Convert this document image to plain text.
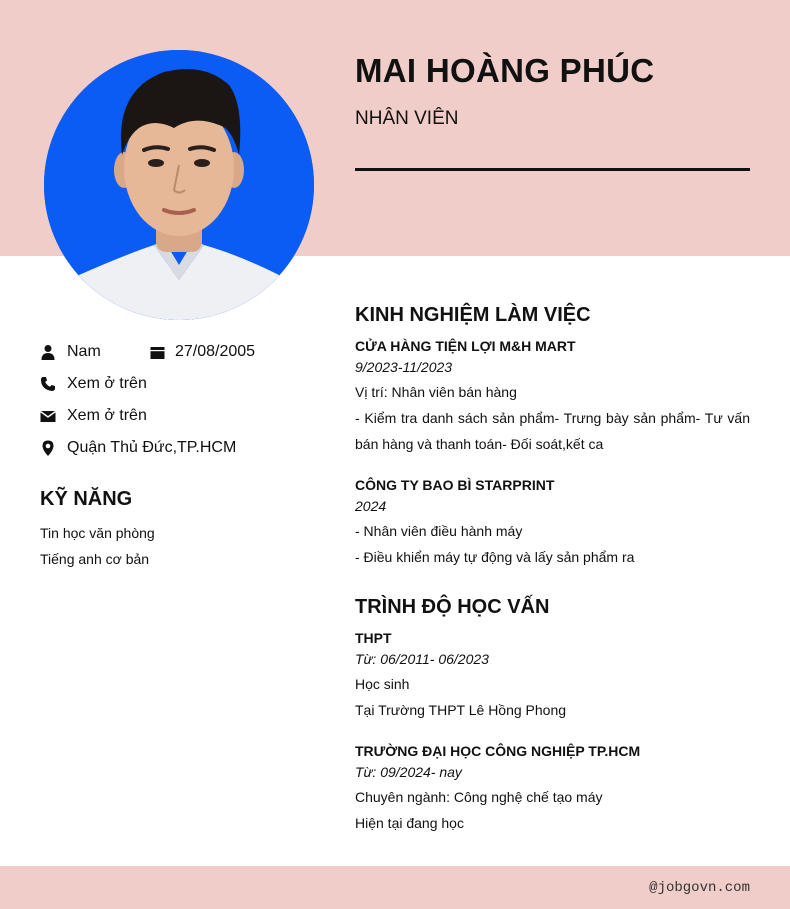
MAI HOÀNG PHÚC
NHÂN VIÊN
Nam	27/08/2005
Xem ở trên
Xem ở trên
Quận Thủ Đức,TP.HCM
KỸ NĂNG
Tin học văn phòng
Tiếng anh cơ bản
KINH NGHIỆM LÀM VIỆC
CỬA HÀNG TIỆN LỢI M&H MART
9/2023-11/2023
Vị trí: Nhân viên bán hàng
- Kiểm tra danh sách sản phẩm- Trưng bày sản phẩm- Tư vấn bán hàng và thanh toán- Đối soát,kết ca
CÔNG TY BAO BÌ STARPRINT
2024
- Nhân viên điều hành máy
- Điều khiển máy tự động và lấy sản phẩm ra
TRÌNH ĐỘ HỌC VẤN
THPT
Từ: 06/2011- 06/2023
Học sinh
Tại Trường THPT Lê Hồng Phong
TRƯỜNG ĐẠI HỌC CÔNG NGHIỆP TP.HCM
Từ: 09/2024- nay
Chuyên ngành: Công nghệ chế tạo máy
Hiện tại đang học
@jobgovn.com
